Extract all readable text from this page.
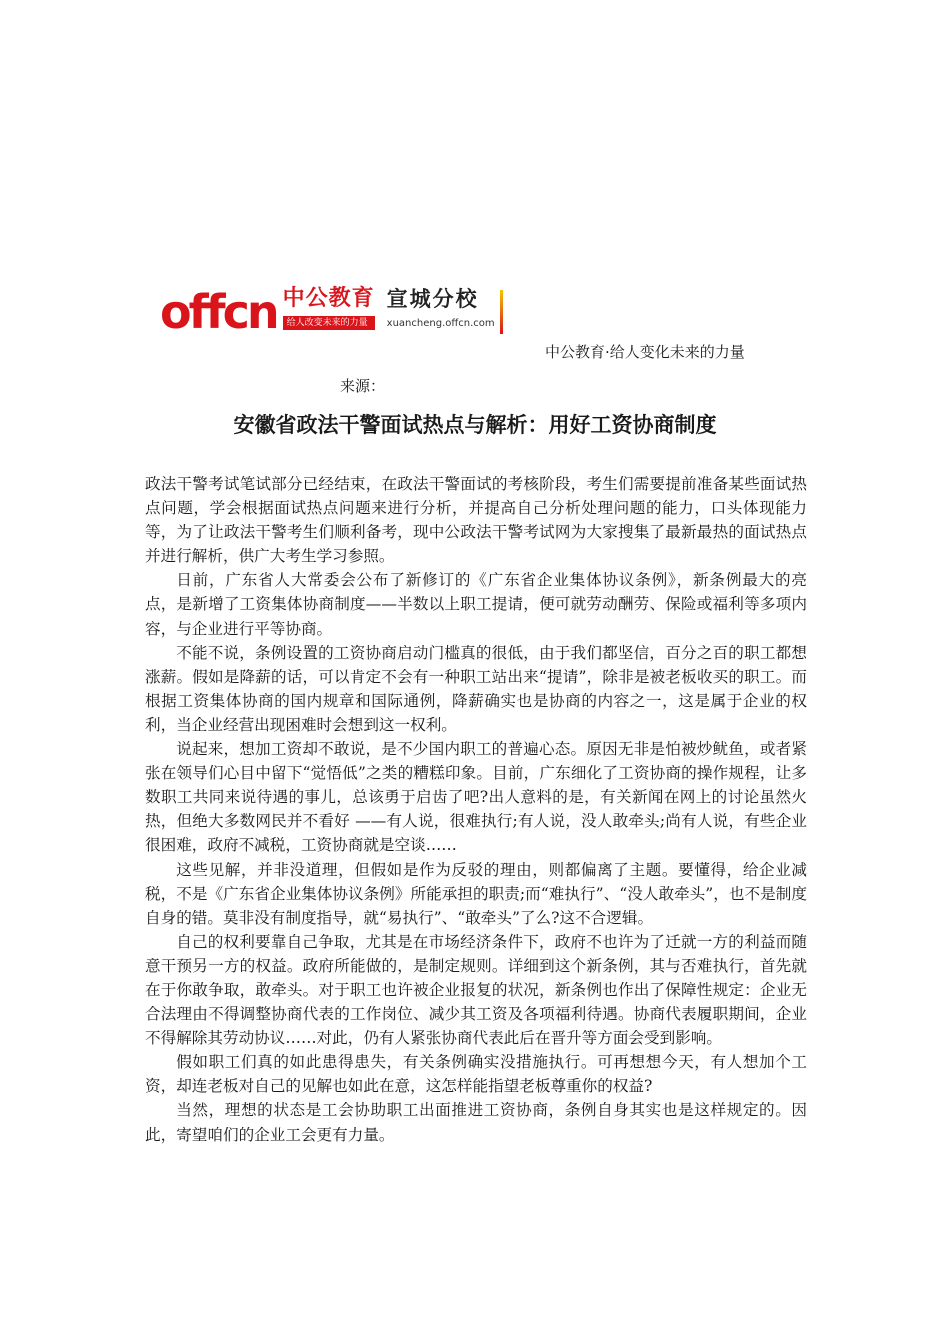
offcn 中公教育
给人改变未来的力量
宣城分校
xuancheng.offcn.com
中公教育·给人变化未来的力量
来源：
安徽省政法干警面试热点与解析：用好工资协商制度

政法干警考试笔试部分已经结束，在政法干警面试的考核阶段，考生们需要提前准备某些面试热点问题，学会根据面试热点问题来进行分析，并提高自己分析处理问题的能力，口头体现能力等，为了让政法干警考生们顺利备考，现中公政法干警考试网为大家搜集了最新最热的面试热点并进行解析，供广大考生学习参照。

日前，广东省人大常委会公布了新修订的《广东省企业集体协议条例》，新条例最大的亮点，是新增了工资集体协商制度——半数以上职工提请，便可就劳动酬劳、保险或福利等多项内容，与企业进行平等协商。

不能不说，条例设置的工资协商启动门槛真的很低，由于我们都坚信，百分之百的职工都想涨薪。假如是降薪的话，可以肯定不会有一种职工站出来“提请”，除非是被老板收买的职工。而根据工资集体协商的国内规章和国际通例，降薪确实也是协商的内容之一，这是属于企业的权利，当企业经营出现困难时会想到这一权利。

说起来，想加工资却不敢说，是不少国内职工的普遍心态。原因无非是怕被炒鱿鱼，或者紧张在领导们心目中留下“觉悟低”之类的糟糕印象。目前，广东细化了工资协商的操作规程，让多数职工共同来说待遇的事儿，总该勇于启齿了吧?出人意料的是，有关新闻在网上的讨论虽然火热，但绝大多数网民并不看好 ——有人说，很难执行;有人说，没人敢牵头;尚有人说，有些企业很困难，政府不减税，工资协商就是空谈……

这些见解，并非没道理，但假如是作为反驳的理由，则都偏离了主题。要懂得，给企业减税，不是《广东省企业集体协议条例》所能承担的职责;而“难执行”、“没人敢牵头”，也不是制度自身的错。莫非没有制度指导，就“易执行”、“敢牵头”了么?这不合逻辑。

自己的权利要靠自己争取，尤其是在市场经济条件下，政府不也许为了迁就一方的利益而随意干预另一方的权益。政府所能做的，是制定规则。详细到这个新条例，其与否难执行，首先就在于你敢争取，敢牵头。对于职工也许被企业报复的状况，新条例也作出了保障性规定：企业无合法理由不得调整协商代表的工作岗位、减少其工资及各项福利待遇。协商代表履职期间，企业不得解除其劳动协议……对此，仍有人紧张协商代表此后在晋升等方面会受到影响。

假如职工们真的如此患得患失，有关条例确实没措施执行。可再想想今天，有人想加个工资，却连老板对自己的见解也如此在意，这怎样能指望老板尊重你的权益?

当然，理想的状态是工会协助职工出面推进工资协商，条例自身其实也是这样规定的。因此，寄望咱们的企业工会更有力量。
